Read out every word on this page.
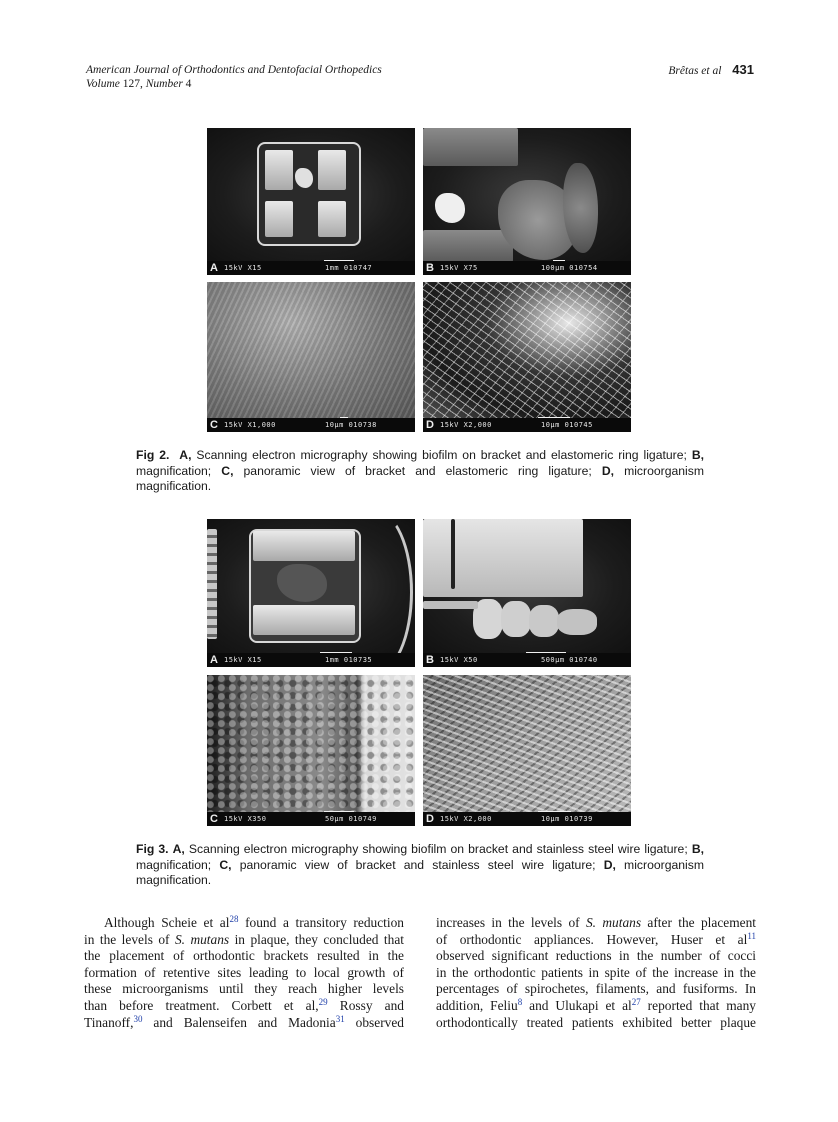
American Journal of Orthodontics and Dentofacial Orthopedics
Volume 127, Number 4
Brêtas et al 431
A 15kV X15	1mm 010747	B 15kV X75	100µm 010754
C 15kV X1,000	10µm 010738	D 15kV X2,000	10µm 010745
Fig 2. A, Scanning electron micrography showing biofilm on bracket and elastomeric ring ligature; B, magnification; C, panoramic view of bracket and elastomeric ring ligature; D, microorganism magnification.
A 15kV X15	1mm 010735	B 15kV X50	500µm 010740
C 15kV X350	50µm 010749	D 15kV X2,000	10µm 010739
Fig 3. A, Scanning electron micrography showing biofilm on bracket and stainless steel wire ligature; B, magnification; C, panoramic view of bracket and stainless steel wire ligature; D, microorganism magnification.
Although Scheie et $al^{28}$ found a transitory reduction
in the levels of S. mutans in plaque, they concluded that
the placement of orthodontic brackets resulted in the
formation of retentive sites leading to local growth of
these microorganisms until they reach higher levels
than before treatment. Corbett et al,$^{29}$ Rossy and
Tinanoff,$^{30}$ and Balenseifen and Madonia$^{31}$ observed
increases in the levels of S. mutans after the placement
of orthodontic appliances. However, Huser et $al^{11}$
observed significant reductions in the number of cocci
in the orthodontic patients in spite of the increase in the
percentages of spirochetes, filaments, and fusiforms. In
addition, Feliu$^8$ and Ulukapi et $al^{27}$ reported that many
orthodontically treated patients exhibited better plaque
